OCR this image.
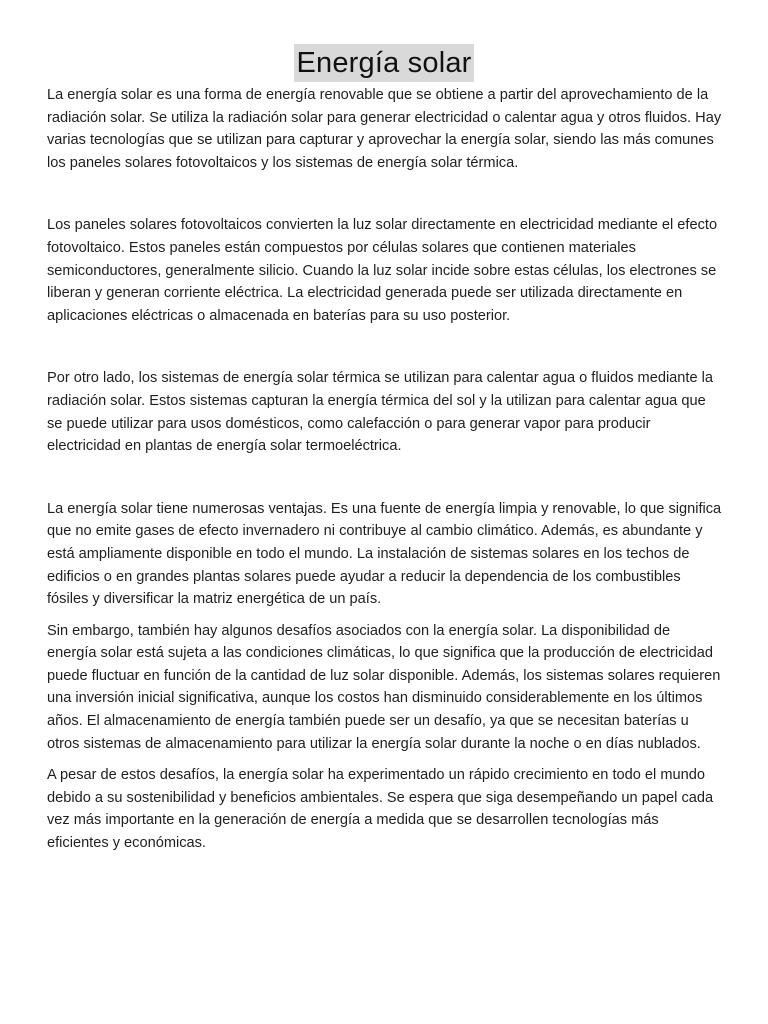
Energía solar

La energía solar es una forma de energía renovable que se obtiene a partir del aprovechamiento de la radiación solar. Se utiliza la radiación solar para generar electricidad o calentar agua y otros fluidos. Hay varias tecnologías que se utilizan para capturar y aprovechar la energía solar, siendo las más comunes los paneles solares fotovoltaicos y los sistemas de energía solar térmica.

Los paneles solares fotovoltaicos convierten la luz solar directamente en electricidad mediante el efecto fotovoltaico. Estos paneles están compuestos por células solares que contienen materiales semiconductores, generalmente silicio. Cuando la luz solar incide sobre estas células, los electrones se liberan y generan corriente eléctrica. La electricidad generada puede ser utilizada directamente en aplicaciones eléctricas o almacenada en baterías para su uso posterior.

Por otro lado, los sistemas de energía solar térmica se utilizan para calentar agua o fluidos mediante la radiación solar. Estos sistemas capturan la energía térmica del sol y la utilizan para calentar agua que se puede utilizar para usos domésticos, como calefacción o para generar vapor para producir electricidad en plantas de energía solar termoeléctrica.

La energía solar tiene numerosas ventajas. Es una fuente de energía limpia y renovable, lo que significa que no emite gases de efecto invernadero ni contribuye al cambio climático. Además, es abundante y está ampliamente disponible en todo el mundo. La instalación de sistemas solares en los techos de edificios o en grandes plantas solares puede ayudar a reducir la dependencia de los combustibles fósiles y diversificar la matriz energética de un país.

Sin embargo, también hay algunos desafíos asociados con la energía solar. La disponibilidad de energía solar está sujeta a las condiciones climáticas, lo que significa que la producción de electricidad puede fluctuar en función de la cantidad de luz solar disponible. Además, los sistemas solares requieren una inversión inicial significativa, aunque los costos han disminuido considerablemente en los últimos años. El almacenamiento de energía también puede ser un desafío, ya que se necesitan baterías u otros sistemas de almacenamiento para utilizar la energía solar durante la noche o en días nublados.

A pesar de estos desafíos, la energía solar ha experimentado un rápido crecimiento en todo el mundo debido a su sostenibilidad y beneficios ambientales. Se espera que siga desempeñando un papel cada vez más importante en la generación de energía a medida que se desarrollen tecnologías más eficientes y económicas.
